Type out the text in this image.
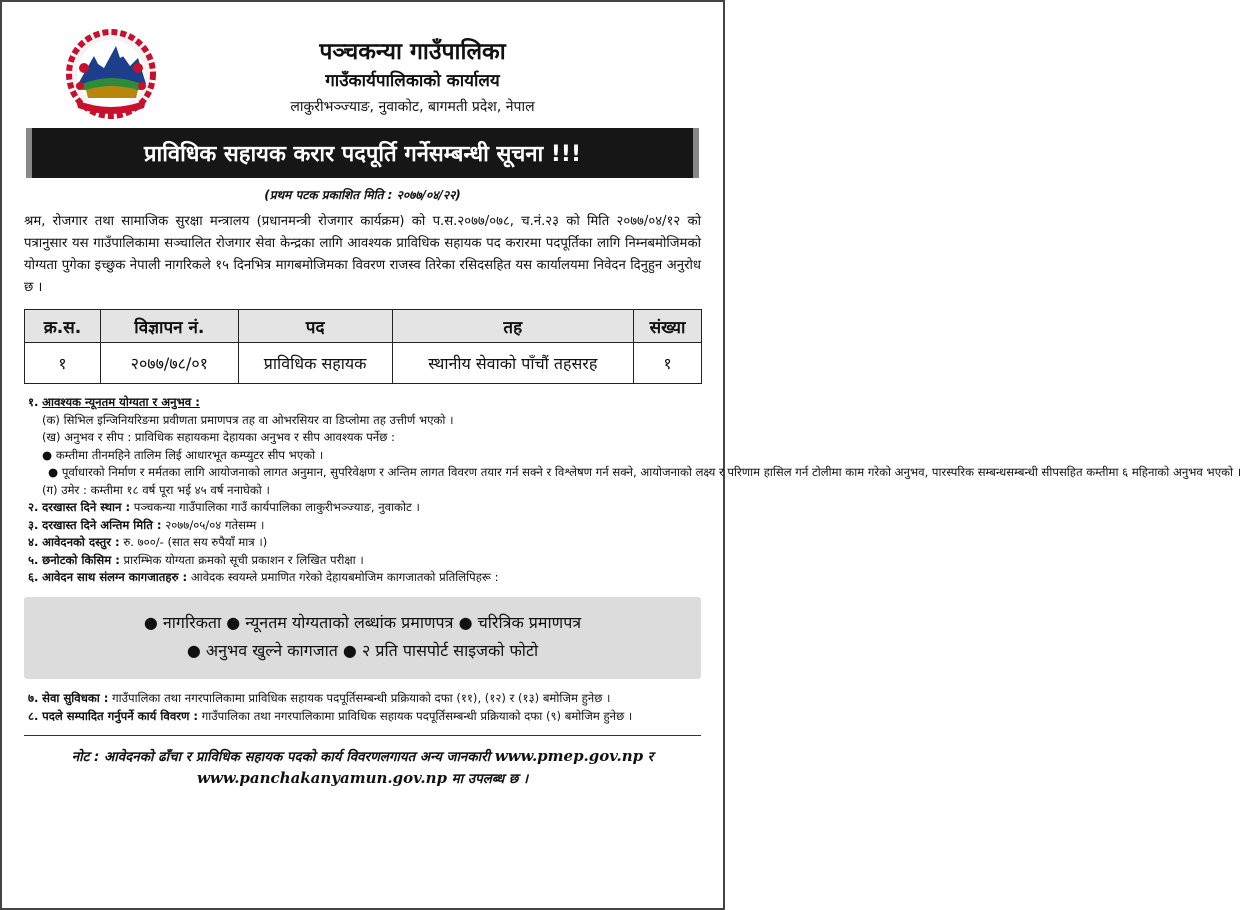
पञ्चकन्या गाउँपालिका
गाउँकार्यपालिकाको कार्यालय
लाकुरीभञ्ज्याङ, नुवाकोट, बागमती प्रदेश, नेपाल
प्राविधिक सहायक करार पदपूर्ति गर्नेसम्बन्धी सूचना !!!
(प्रथम पटक प्रकाशित मिति : २०७७/०४/२२)
श्रम, रोजगार तथा सामाजिक सुरक्षा मन्त्रालय (प्रधानमन्त्री रोजगार कार्यक्रम) को प.स.२०७७/०७८, च.नं.२३ को मिति २०७७/०४/१२ को पत्रानुसार यस गाउँपालिकामा सञ्चालित रोजगार सेवा केन्द्रका लागि आवश्यक प्राविधिक सहायक पद करारमा पदपूर्तिका लागि निम्नबमोजिमको योग्यता पुगेका इच्छुक नेपाली नागरिकले १५ दिनभित्र मागबमोजिमका विवरण राजस्व तिरेका रसिदसहित यस कार्यालयमा निवेदन दिनुहुन अनुरोध छ ।
क्र.स.	विज्ञापन नं.	पद	तह	संख्या
१	२०७७/७८/०१	प्राविधिक सहायक	स्थानीय सेवाको पाँचौं तहसरह	१
१. आवश्यक न्यूनतम योग्यता र अनुभव :
(क) सिभिल इन्जिनियरिङमा प्रवीणता प्रमाणपत्र तह वा ओभरसियर वा डिप्लोमा तह उत्तीर्ण भएको ।
(ख) अनुभव र सीप : प्राविधिक सहायकमा देहायका अनुभव र सीप आवश्यक पर्नेछ :
● कम्तीमा तीनमहिने तालिम लिई आधारभूत कम्प्युटर सीप भएको ।
● पूर्वाधारको निर्माण र मर्मतका लागि आयोजनाको लागत अनुमान, सुपरिवेक्षण र अन्तिम लागत विवरण तयार गर्न सक्ने र विश्लेषण गर्न सक्ने, आयोजनाको लक्ष्य र परिणाम हासिल गर्न टोलीमा काम गरेको अनुभव, पारस्परिक सम्बन्धसम्बन्धी सीपसहित कम्तीमा ६ महिनाको अनुभव भएको ।
(ग) उमेर : कम्तीमा १८ वर्ष पूरा भई ४५ वर्ष ननाघेको ।
२. दरखास्त दिने स्थान : पञ्चकन्या गाउँपालिका गाउँ कार्यपालिका लाकुरीभञ्ज्याङ, नुवाकोट ।
३. दरखास्त दिने अन्तिम मिति : २०७७/०५/०४ गतेसम्म ।
४. आवेदनको दस्तुर : रु. ७००/- (सात सय रुपैयाँ मात्र ।)
५. छनोटको किसिम : प्रारम्भिक योग्यता क्रमको सूची प्रकाशन र लिखित परीक्षा ।
६. आवेदन साथ संलग्न कागजातहरु : आवेदक स्वयम्ले प्रमाणित गरेको देहायबमोजिम कागजातको प्रतिलिपिहरू :
● नागरिकता ● न्यूनतम योग्यताको लब्धांक प्रमाणपत्र ● चरित्रिक प्रमाणपत्र
● अनुभव खुल्ने कागजात ● २ प्रति पासपोर्ट साइजको फोटो
७. सेवा सुविधका : गाउँपालिका तथा नगरपालिकामा प्राविधिक सहायक पदपूर्तिसम्बन्धी प्रक्रियाको दफा (११), (१२) र (१३) बमोजिम हुनेछ ।
८. पदले सम्पादित गर्नुपर्ने कार्य विवरण : गाउँपालिका तथा नगरपालिकामा प्राविधिक सहायक पदपूर्तिसम्बन्धी प्रक्रियाको दफा (९) बमोजिम हुनेछ ।
नोट : आवेदनको ढाँचा र प्राविधिक सहायक पदको कार्य विवरणलगायत अन्य जानकारी www.pmep.gov.np र
www.panchakanyamun.gov.np मा उपलब्ध छ ।
